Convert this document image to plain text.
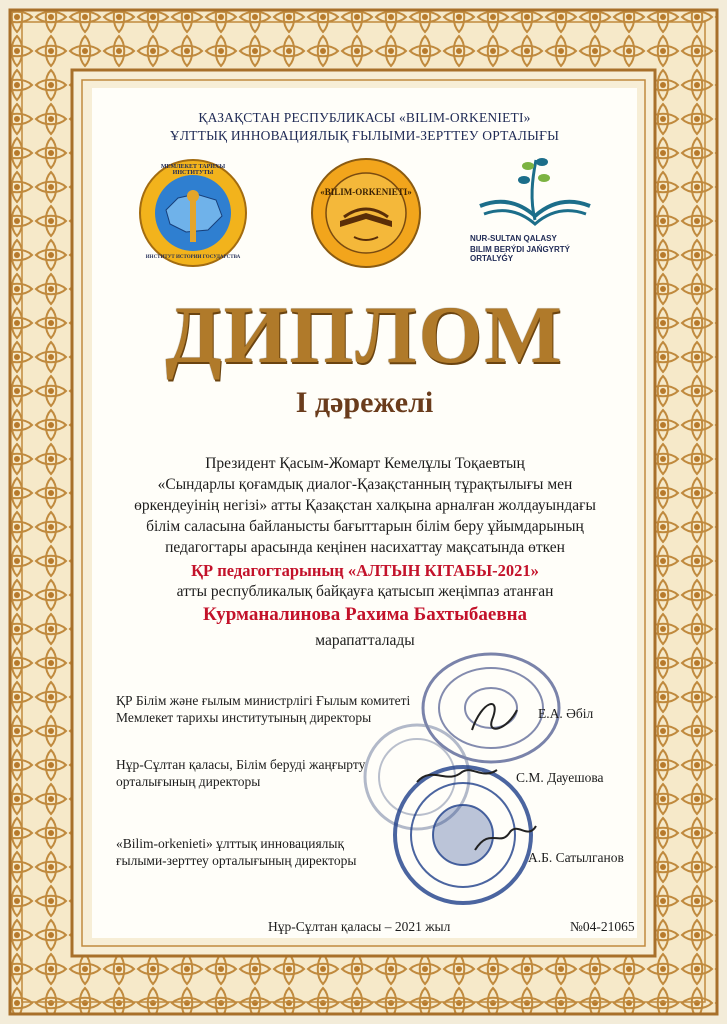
ҚАЗАҚСТАН РЕСПУБЛИКАСЫ «BILIM-ORKENIETI»
ҰЛТТЫҚ ИННОВАЦИЯЛЫҚ ҒЫЛЫМИ-ЗЕРТТЕУ ОРТАЛЫҒЫ
МЕМЛЕКЕТ ТАРИХЫ ИНСТИТУТЫ
ИНСТИТУТ ИСТОРИИ ГОСУДАРСТВА
«BILIM-ORKENIETI»
NUR-SULTAN QALASY
BILIM BERÝDI JAŃGYRTÝ ORTALYǴY
ДИПЛОМ
I дәрежелі
Президент Қасым-Жомарт Кемелұлы Тоқаевтың
«Сындарлы қоғамдық диалог-Қазақстанның тұрақтылығы мен
өркендеуінің негізі» атты Қазақстан халқына арналған жолдауындағы
білім саласына байланысты бағыттарын білім беру ұйымдарының
педагогтары арасында кеңінен насихаттау мақсатында өткен
ҚР педагогтарының «АЛТЫН КІТАБЫ-2021»
атты республикалық байқауға қатысып жеңімпаз атанған
Курманалинова Рахима Бахтыбаевна
марапатталады
ҚР Білім және ғылым министрлігі Ғылым комитеті
Мемлекет тарихы институтының директоры	Е.А. Әбіл
Нұр-Сұлтан қаласы, Білім беруді жаңғырту
орталығының директоры	С.М. Дауешова
«Bilim-orkenieti» ұлттық инновациялық
ғылыми-зерттеу орталығының директоры	А.Б. Сатылганов
Нұр-Сұлтан қаласы – 2021 жыл	№04-21065
